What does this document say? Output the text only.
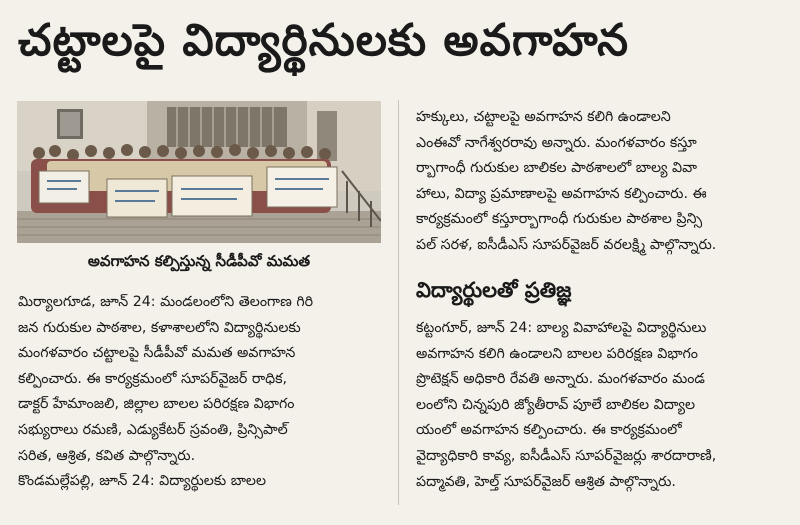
చట్టాలపై విద్యార్థినులకు అవగాహన
అవగాహన కల్పిస్తున్న సీడీపీవో మమత

మిర్యాలగూడ, జూన్ 24: మండలంలోని తెలంగాణ గిరి

జన గురుకుల పాఠశాల, కళాశాలలోని విద్యార్థినులకు

మంగళవారం చట్టాలపై సీడీపీవో మమత అవగాహన

కల్పించారు. ఈ కార్యక్రమంలో సూపర్‌వైజర్ రాధిక,

డాక్టర్ హేమాంజలి, జిల్లాల బాలల పరిరక్షణ విభాగం

సభ్యురాలు రమణి, ఎడ్యుకేటర్ స్రవంతి, ప్రిన్సిపాల్

సరిత, ఆశ్రిత, కవిత పాల్గొన్నారు.

కొండమల్లేపల్లి, జూన్ 24: విద్యార్థులకు బాలల

హక్కులు, చట్టాలపై అవగాహన కలిగి ఉండాలని

ఎంఈవో నాగేశ్వరరావు అన్నారు. మంగళవారం కస్తూ

ర్బాగాంధీ గురుకుల బాలికల పాఠశాలలో బాల్య వివా

హాలు, విద్యా ప్రమాణాలపై అవగాహన కల్పించారు. ఈ

కార్యక్రమంలో కస్తూర్బాగాంధీ గురుకుల పాఠశాల ప్రిన్సి

పల్ సరళ, ఐసీడీఎస్ సూపర్‌వైజర్ వరలక్ష్మి పాల్గొన్నారు.

విద్యార్థులతో ప్రతిజ్ఞ

కట్టంగూర్, జూన్ 24: బాల్య వివాహాలపై విద్యార్థినులు

అవగాహన కలిగి ఉండాలని బాలల పరిరక్షణ విభాగం

ప్రొటెక్షన్ అధికారి రేవతి అన్నారు. మంగళవారం మండ

లంలోని చిన్నపురి జ్యోతీరావ్ పూలే బాలికల విద్యాల

యంలో అవగాహన కల్పించారు. ఈ కార్యక్రమంలో

వైద్యాధికారి కావ్య, ఐసీడీఎస్ సూపర్‌వైజర్లు శారదారాణి,

పద్మావతి, హెల్త్ సూపర్‌వైజర్ ఆశ్రిత పాల్గొన్నారు.
